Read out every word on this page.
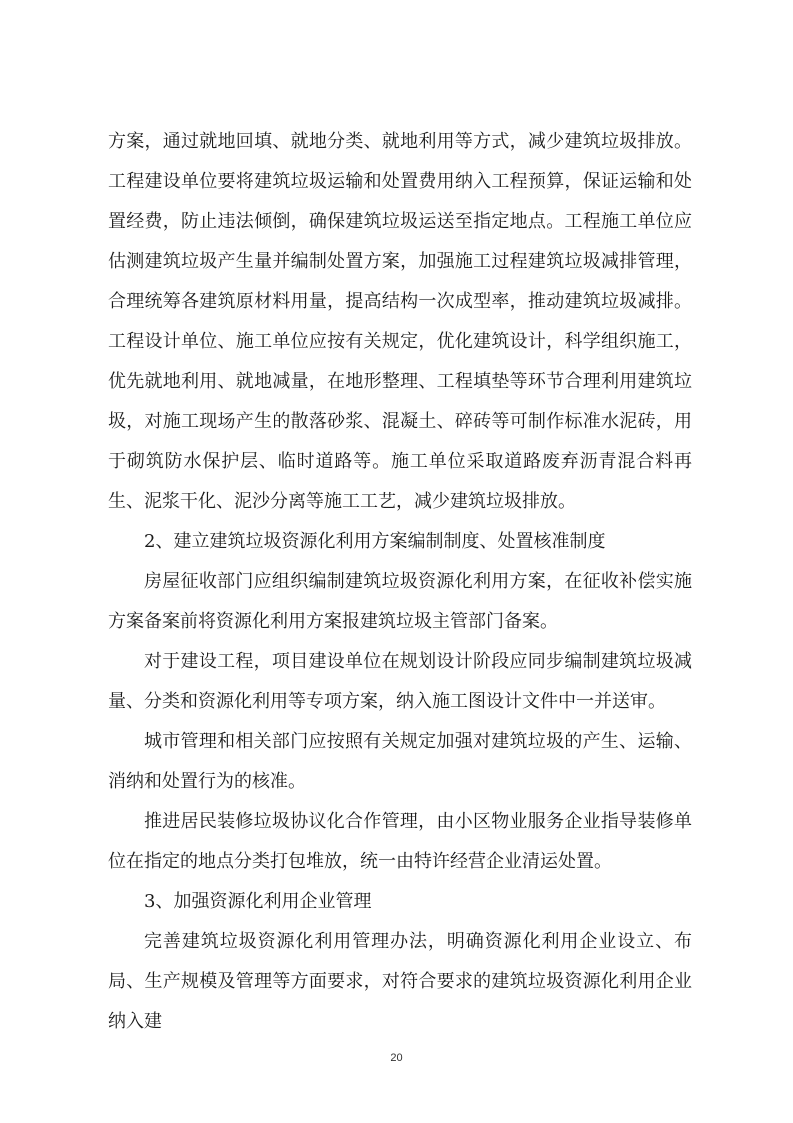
方案，通过就地回填、就地分类、就地利用等方式，减少建筑垃圾排放。工程建设单位要将建筑垃圾运输和处置费用纳入工程预算，保证运输和处置经费，防止违法倾倒，确保建筑垃圾运送至指定地点。工程施工单位应估测建筑垃圾产生量并编制处置方案，加强施工过程建筑垃圾减排管理，合理统筹各建筑原材料用量，提高结构一次成型率，推动建筑垃圾减排。工程设计单位、施工单位应按有关规定，优化建筑设计，科学组织施工，优先就地利用、就地减量，在地形整理、工程填垫等环节合理利用建筑垃圾，对施工现场产生的散落砂浆、混凝土、碎砖等可制作标准水泥砖，用于砌筑防水保护层、临时道路等。施工单位采取道路废弃沥青混合料再生、泥浆干化、泥沙分离等施工工艺，减少建筑垃圾排放。

2、建立建筑垃圾资源化利用方案编制制度、处置核准制度

房屋征收部门应组织编制建筑垃圾资源化利用方案，在征收补偿实施方案备案前将资源化利用方案报建筑垃圾主管部门备案。

对于建设工程，项目建设单位在规划设计阶段应同步编制建筑垃圾减量、分类和资源化利用等专项方案，纳入施工图设计文件中一并送审。

城市管理和相关部门应按照有关规定加强对建筑垃圾的产生、运输、消纳和处置行为的核准。

推进居民装修垃圾协议化合作管理，由小区物业服务企业指导装修单位在指定的地点分类打包堆放，统一由特许经营企业清运处置。

3、加强资源化利用企业管理

完善建筑垃圾资源化利用管理办法，明确资源化利用企业设立、布局、生产规模及管理等方面要求，对符合要求的建筑垃圾资源化利用企业纳入建

20
